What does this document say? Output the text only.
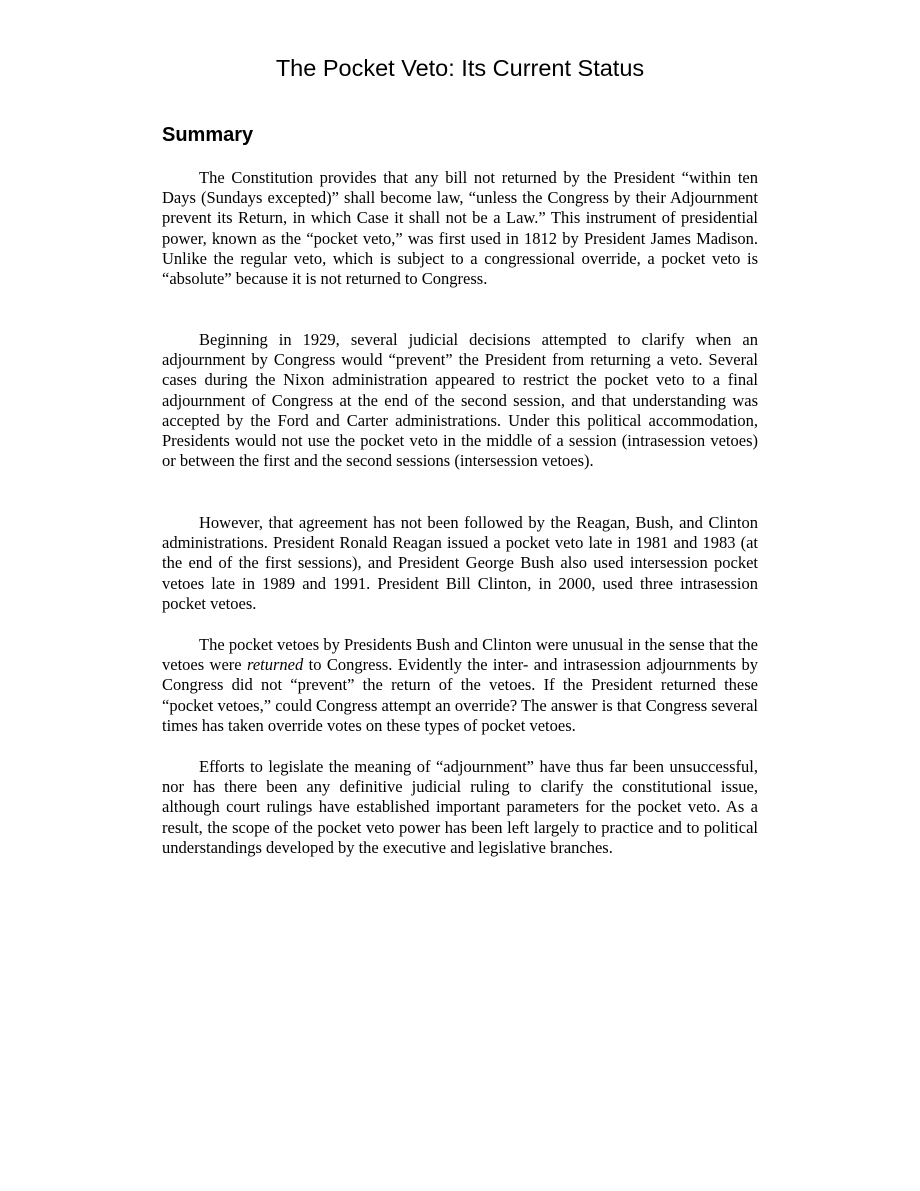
The Pocket Veto: Its Current Status
Summary

The Constitution provides that any bill not returned by the President “within ten Days (Sundays excepted)” shall become law, “unless the Congress by their Adjournment prevent its Return, in which Case it shall not be a Law.” This instrument of presidential power, known as the “pocket veto,” was first used in 1812 by President James Madison. Unlike the regular veto, which is subject to a congressional override, a pocket veto is “absolute” because it is not returned to Congress.

Beginning in 1929, several judicial decisions attempted to clarify when an adjournment by Congress would “prevent” the President from returning a veto. Several cases during the Nixon administration appeared to restrict the pocket veto to a final adjournment of Congress at the end of the second session, and that understanding was accepted by the Ford and Carter administrations. Under this political accommodation, Presidents would not use the pocket veto in the middle of a session (intrasession vetoes) or between the first and the second sessions (intersession vetoes).

However, that agreement has not been followed by the Reagan, Bush, and Clinton administrations. President Ronald Reagan issued a pocket veto late in 1981 and 1983 (at the end of the first sessions), and President George Bush also used intersession pocket vetoes late in 1989 and 1991. President Bill Clinton, in 2000, used three intrasession pocket vetoes.

The pocket vetoes by Presidents Bush and Clinton were unusual in the sense that the vetoes were returned to Congress. Evidently the inter- and intrasession adjournments by Congress did not “prevent” the return of the vetoes. If the President returned these “pocket vetoes,” could Congress attempt an override? The answer is that Congress several times has taken override votes on these types of pocket vetoes.

Efforts to legislate the meaning of “adjournment” have thus far been unsuccessful, nor has there been any definitive judicial ruling to clarify the constitutional issue, although court rulings have established important parameters for the pocket veto. As a result, the scope of the pocket veto power has been left largely to practice and to political understandings developed by the executive and legislative branches.
